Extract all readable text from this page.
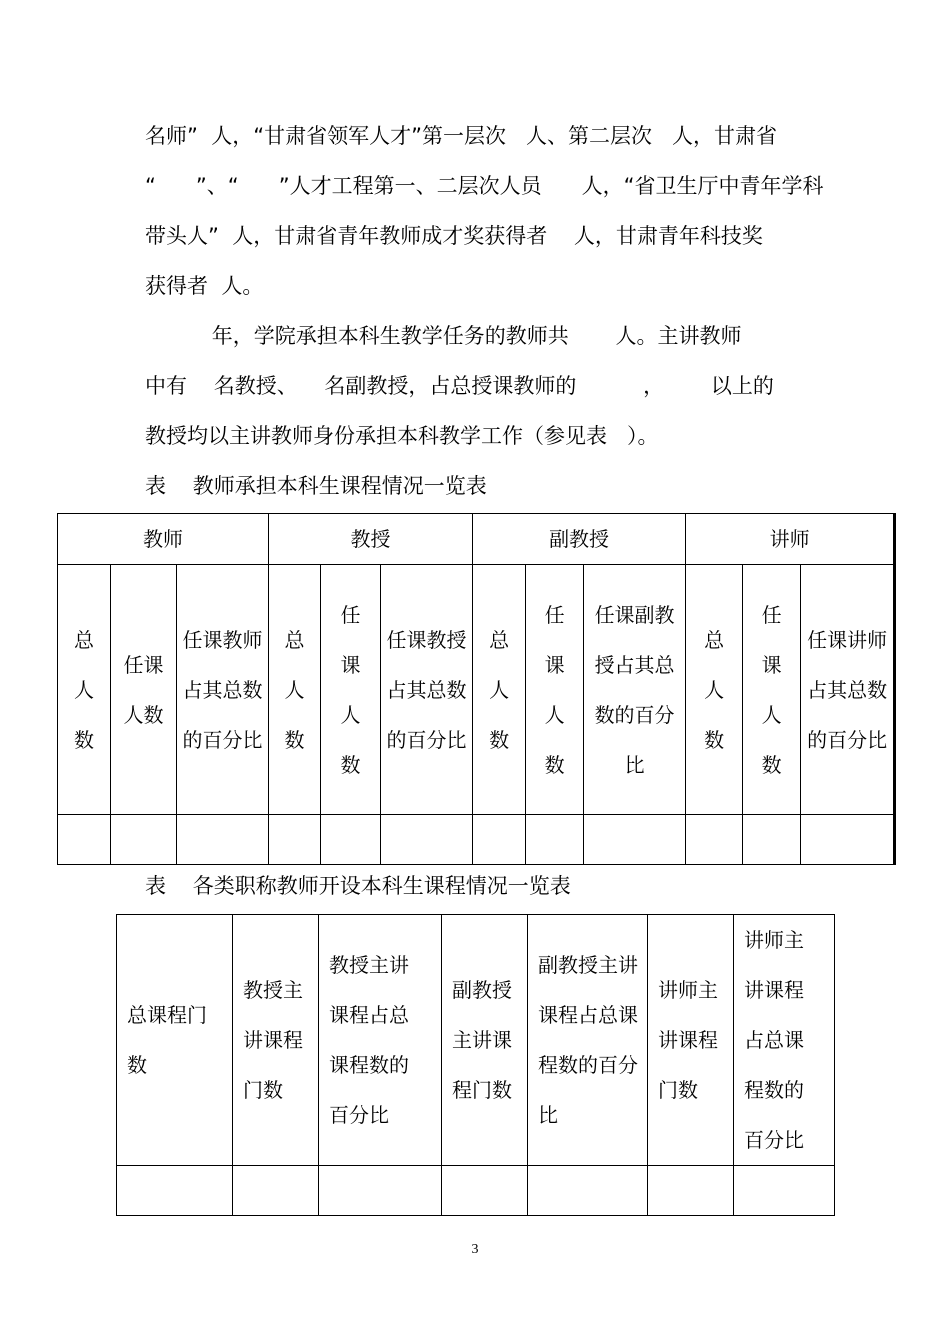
名师”  人，“甘肃省领军人才”第一层次   人、第二层次   人，甘肃省
“      ”、“      ”人才工程第一、二层次人员      人，“省卫生厅中青年学科
带头人”  人，甘肃省青年教师成才奖获得者    人，甘肃青年科技奖
获得者  人。
年，学院承担本科生教学任务的教师共       人。主讲教师
中有    名教授、    名副教授，占总授课教师的          ，       以上的
教授均以主讲教师身份承担本科教学工作（参见表   ）。
表    教师承担本科生课程情况一览表
教师			教授			副教授			讲师		

总
人
数	任课
人数	任课教师
占其总数
的百分比	总
人
数	任
课
人
数	任课教授
占其总数
的百分比	总
人
数	任
课
人
数	任课副教
授占其总
数的百分
比	总
人
数	任
课
人
数	任课讲师
占其总数
的百分比

表    各类职称教师开设本科生课程情况一览表
总课程门
数	教授主
讲课程
门数	教授主讲
课程占总
课程数的
百分比	副教授
主讲课
程门数	副教授主讲
课程占总课
程数的百分
比	讲师主
讲课程
门数	讲师主
讲课程
占总课
程数的
百分比

3
